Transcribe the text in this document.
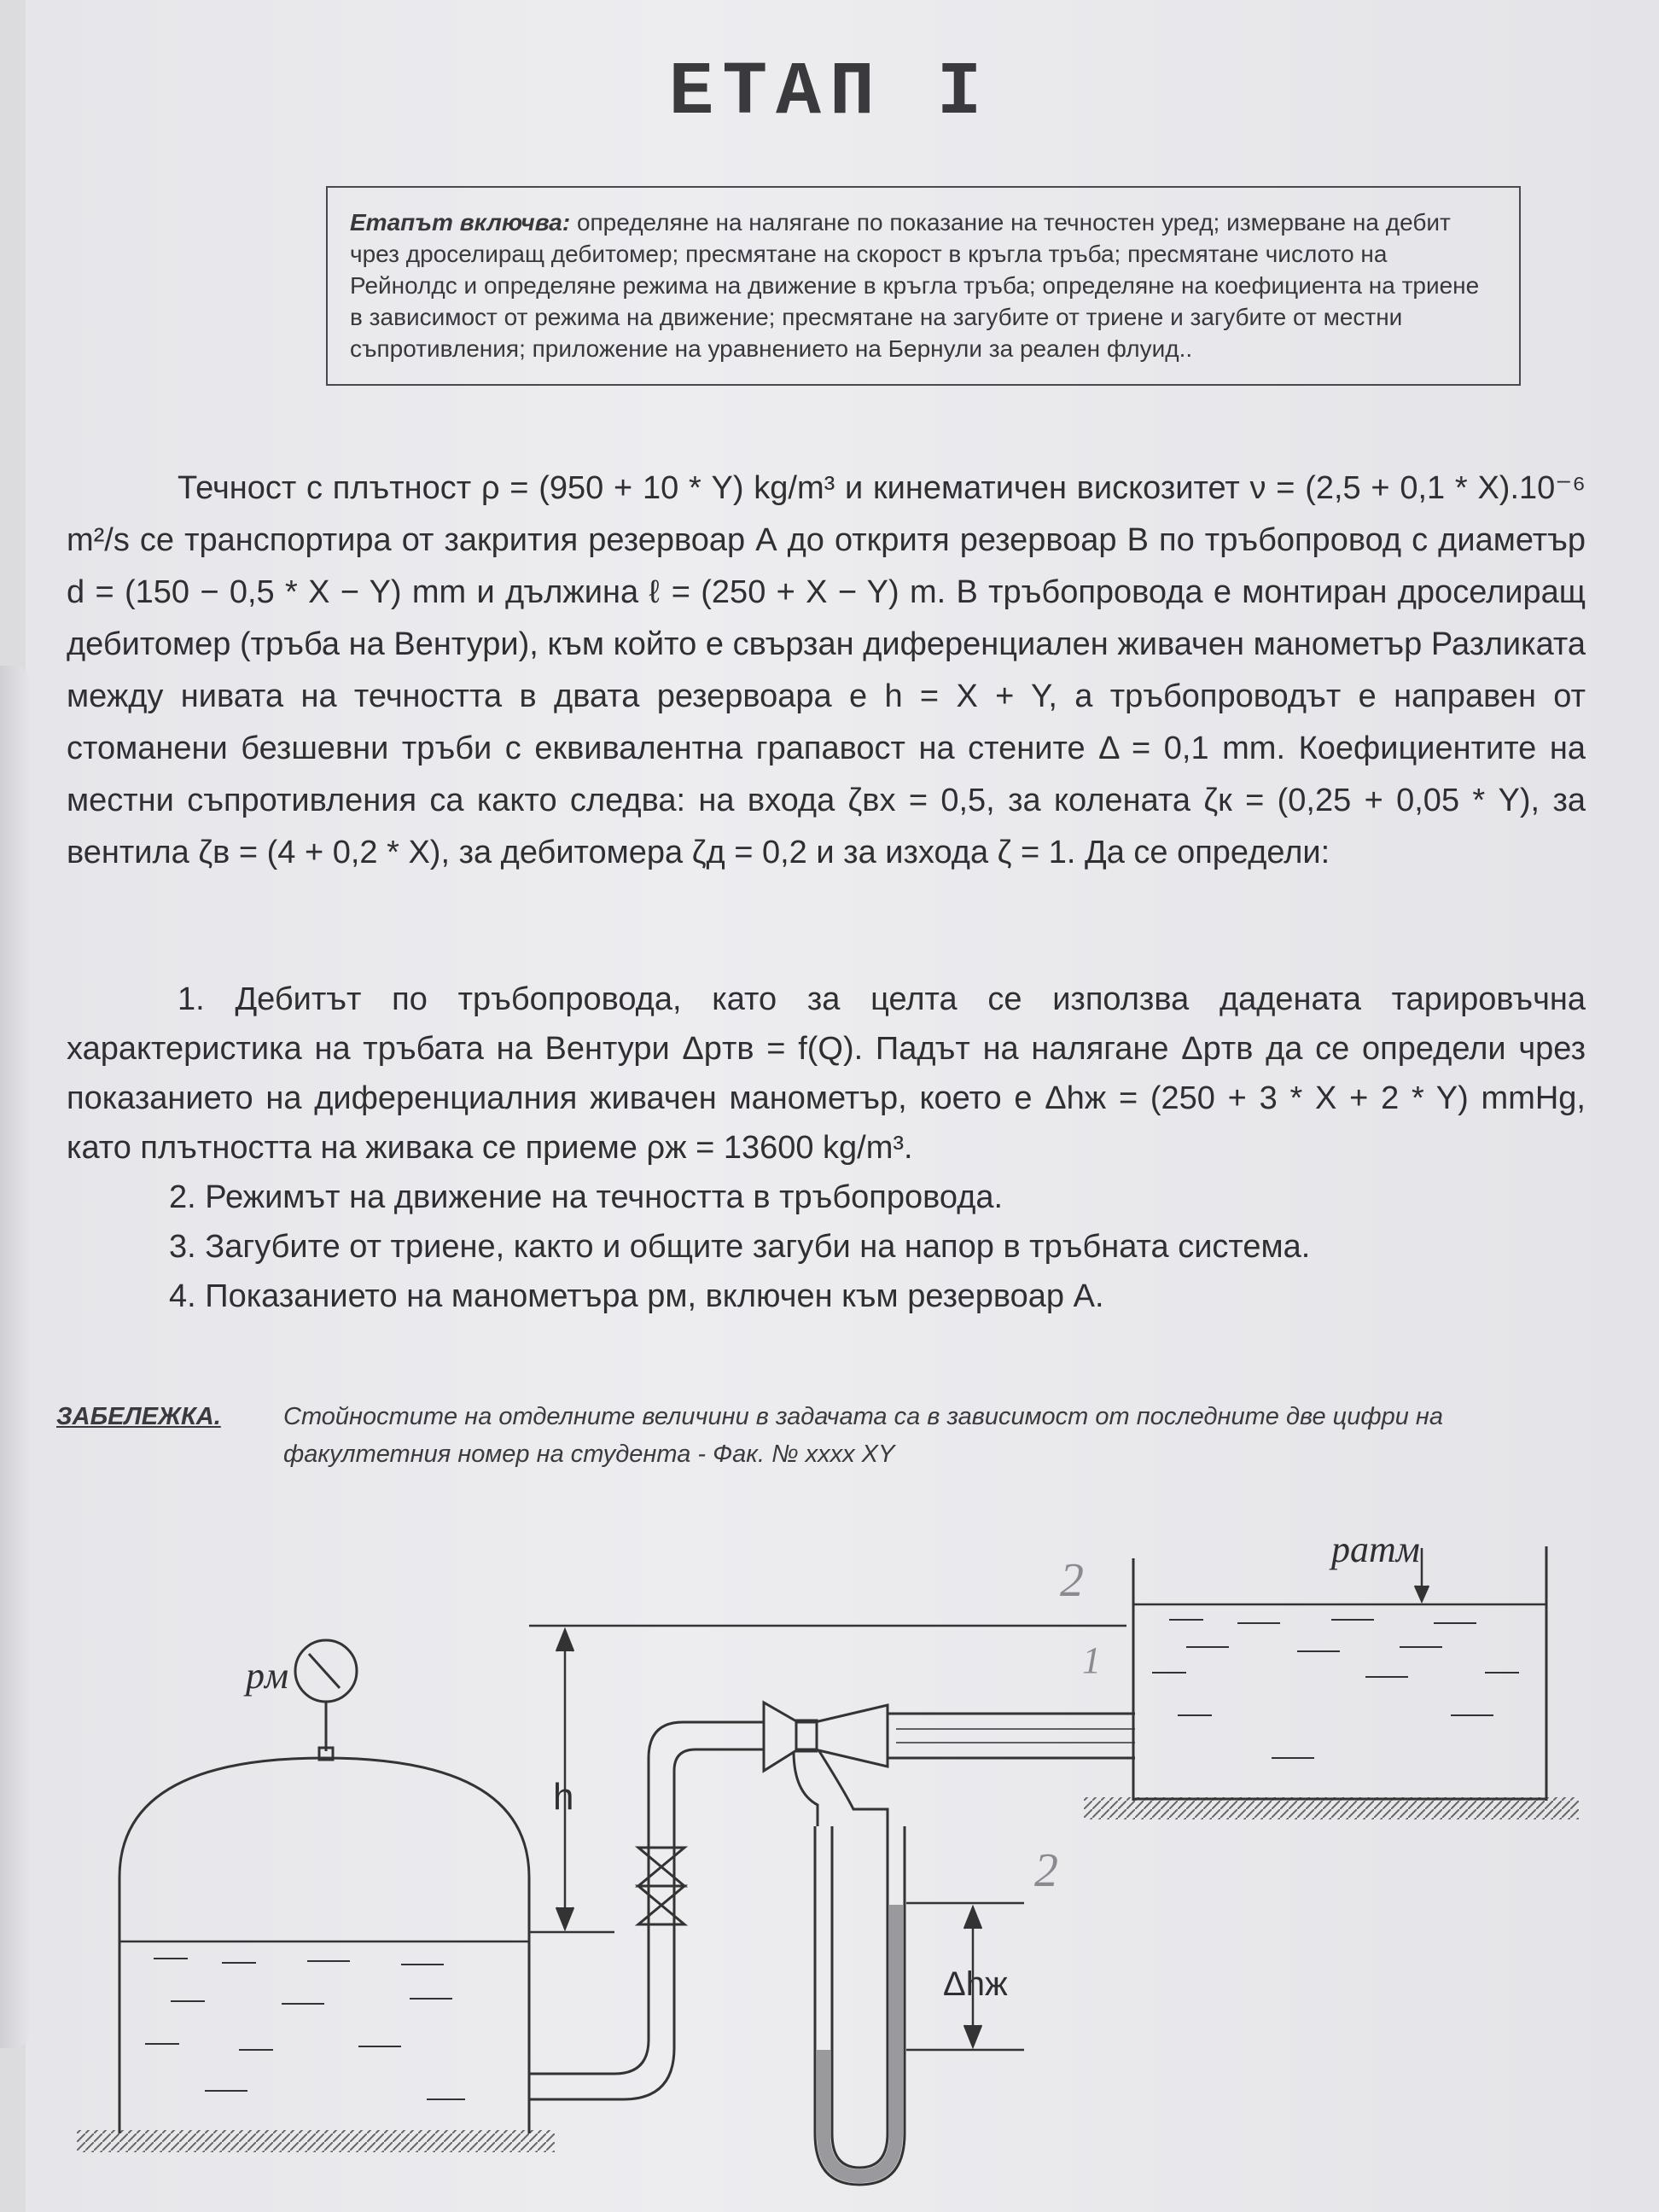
ЕТАП I
Етапът включва: определяне на налягане по показание на течностен уред; измерване на дебит чрез дроселиращ дебитомер; пресмятане на скорост в кръгла тръба; пресмятане числото на Рейнолдс и определяне режима на движение в кръгла тръба; определяне на коефициента на триене в зависимост от режима на движение; пресмятане на загубите от триене и загубите от местни съпротивления; приложение на уравнението на Бернули за реален флуид..

Течност с плътност ρ = (950 + 10 * Y) kg/m³ и кинематичен вискозитет ν = (2,5 + 0,1 * X).10⁻⁶ m²/s се транспортира от закрития резервоар А до откритя резервоар B по тръбопровод с диаметър d = (150 − 0,5 * X − Y) mm и дължина ℓ = (250 + X − Y) m. В тръбопровода е монтиран дроселиращ дебитомер (тръба на Вентури), към който е свързан диференциален живачен манометър Разликата между нивата на течността в двата резервоара е h = X + Y, а тръбопроводът е направен от стоманени безшевни тръби с еквивалентна грапавост на стените Δ = 0,1 mm. Коефициентите на местни съпротивления са както следва: на входа ζвх = 0,5, за колената ζк = (0,25 + 0,05 * Y), за вентила ζв = (4 + 0,2 * X), за дебитомера ζд = 0,2 и за изхода ζ = 1. Да се определи:

1. Дебитът по тръбопровода, като за целта се използва дадената тарировъчна характеристика на тръбата на Вентури Δpтв = f(Q). Падът на налягане Δpтв да се определи чрез показанието на диференциалния живачен манометър, което е Δhж = (250 + 3 * X + 2 * Y) mmHg, като плътността на живака се приеме ρж = 13600 kg/m³.
2. Режимът на движение на течността в тръбопровода.
3. Загубите от триене, както и общите загуби на напор в тръбната система.
4. Показанието на манометъра pм, включен към резервоар А.
ЗАБЕЛЕЖКА.	Стойностите на отделните величини в задачата са в зависимост от последните две цифри на факултетния номер на студента - Фак. № xxxx XY
pм
h
Δhж
pатм
2
1
2
